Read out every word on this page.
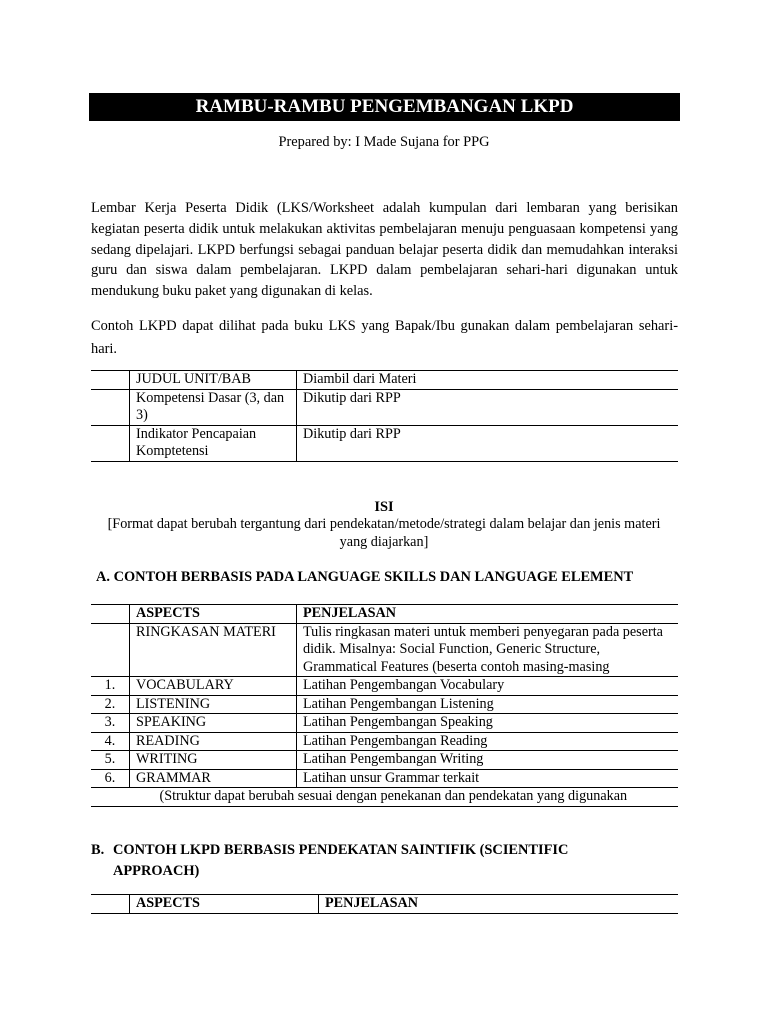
RAMBU-RAMBU PENGEMBANGAN LKPD
Prepared by: I Made Sujana for PPG
Lembar Kerja Peserta Didik (LKS/Worksheet adalah kumpulan dari lembaran yang berisikan kegiatan peserta didik untuk melakukan aktivitas pembelajaran menuju penguasaan kompetensi yang sedang dipelajari. LKPD berfungsi sebagai panduan belajar peserta didik dan memudahkan interaksi guru dan siswa dalam pembelajaran. LKPD dalam pembelajaran sehari-hari digunakan untuk mendukung buku paket yang digunakan di kelas.
Contoh LKPD dapat dilihat pada buku LKS yang Bapak/Ibu gunakan dalam pembelajaran sehari-hari.
	JUDUL UNIT/BAB	Diambil dari Materi
	Kompetensi Dasar (3, dan 3)	Dikutip dari RPP
	Indikator Pencapaian Komptetensi	Dikutip dari RPP
ISI
[Format dapat berubah tergantung dari pendekatan/metode/strategi dalam belajar dan jenis materi yang diajarkan]
A. CONTOH BERBASIS PADA LANGUAGE SKILLS DAN LANGUAGE ELEMENT
	ASPECTS	PENJELASAN
	RINGKASAN MATERI	Tulis ringkasan materi untuk memberi penyegaran pada peserta didik. Misalnya: Social Function, Generic Structure, Grammatical Features (beserta contoh masing-masing
1.	VOCABULARY	Latihan Pengembangan Vocabulary
2.	LISTENING	Latihan Pengembangan Listening
3.	SPEAKING	Latihan Pengembangan Speaking
4.	READING	Latihan Pengembangan Reading
5.	WRITING	Latihan Pengembangan Writing
6.	GRAMMAR	Latihan unsur Grammar terkait
	(Struktur dapat berubah sesuai dengan penekanan dan pendekatan yang digunakan	
B. CONTOH LKPD BERBASIS PENDEKATAN SAINTIFIK (SCIENTIFIC
APPROACH)
	ASPECTS	PENJELASAN
